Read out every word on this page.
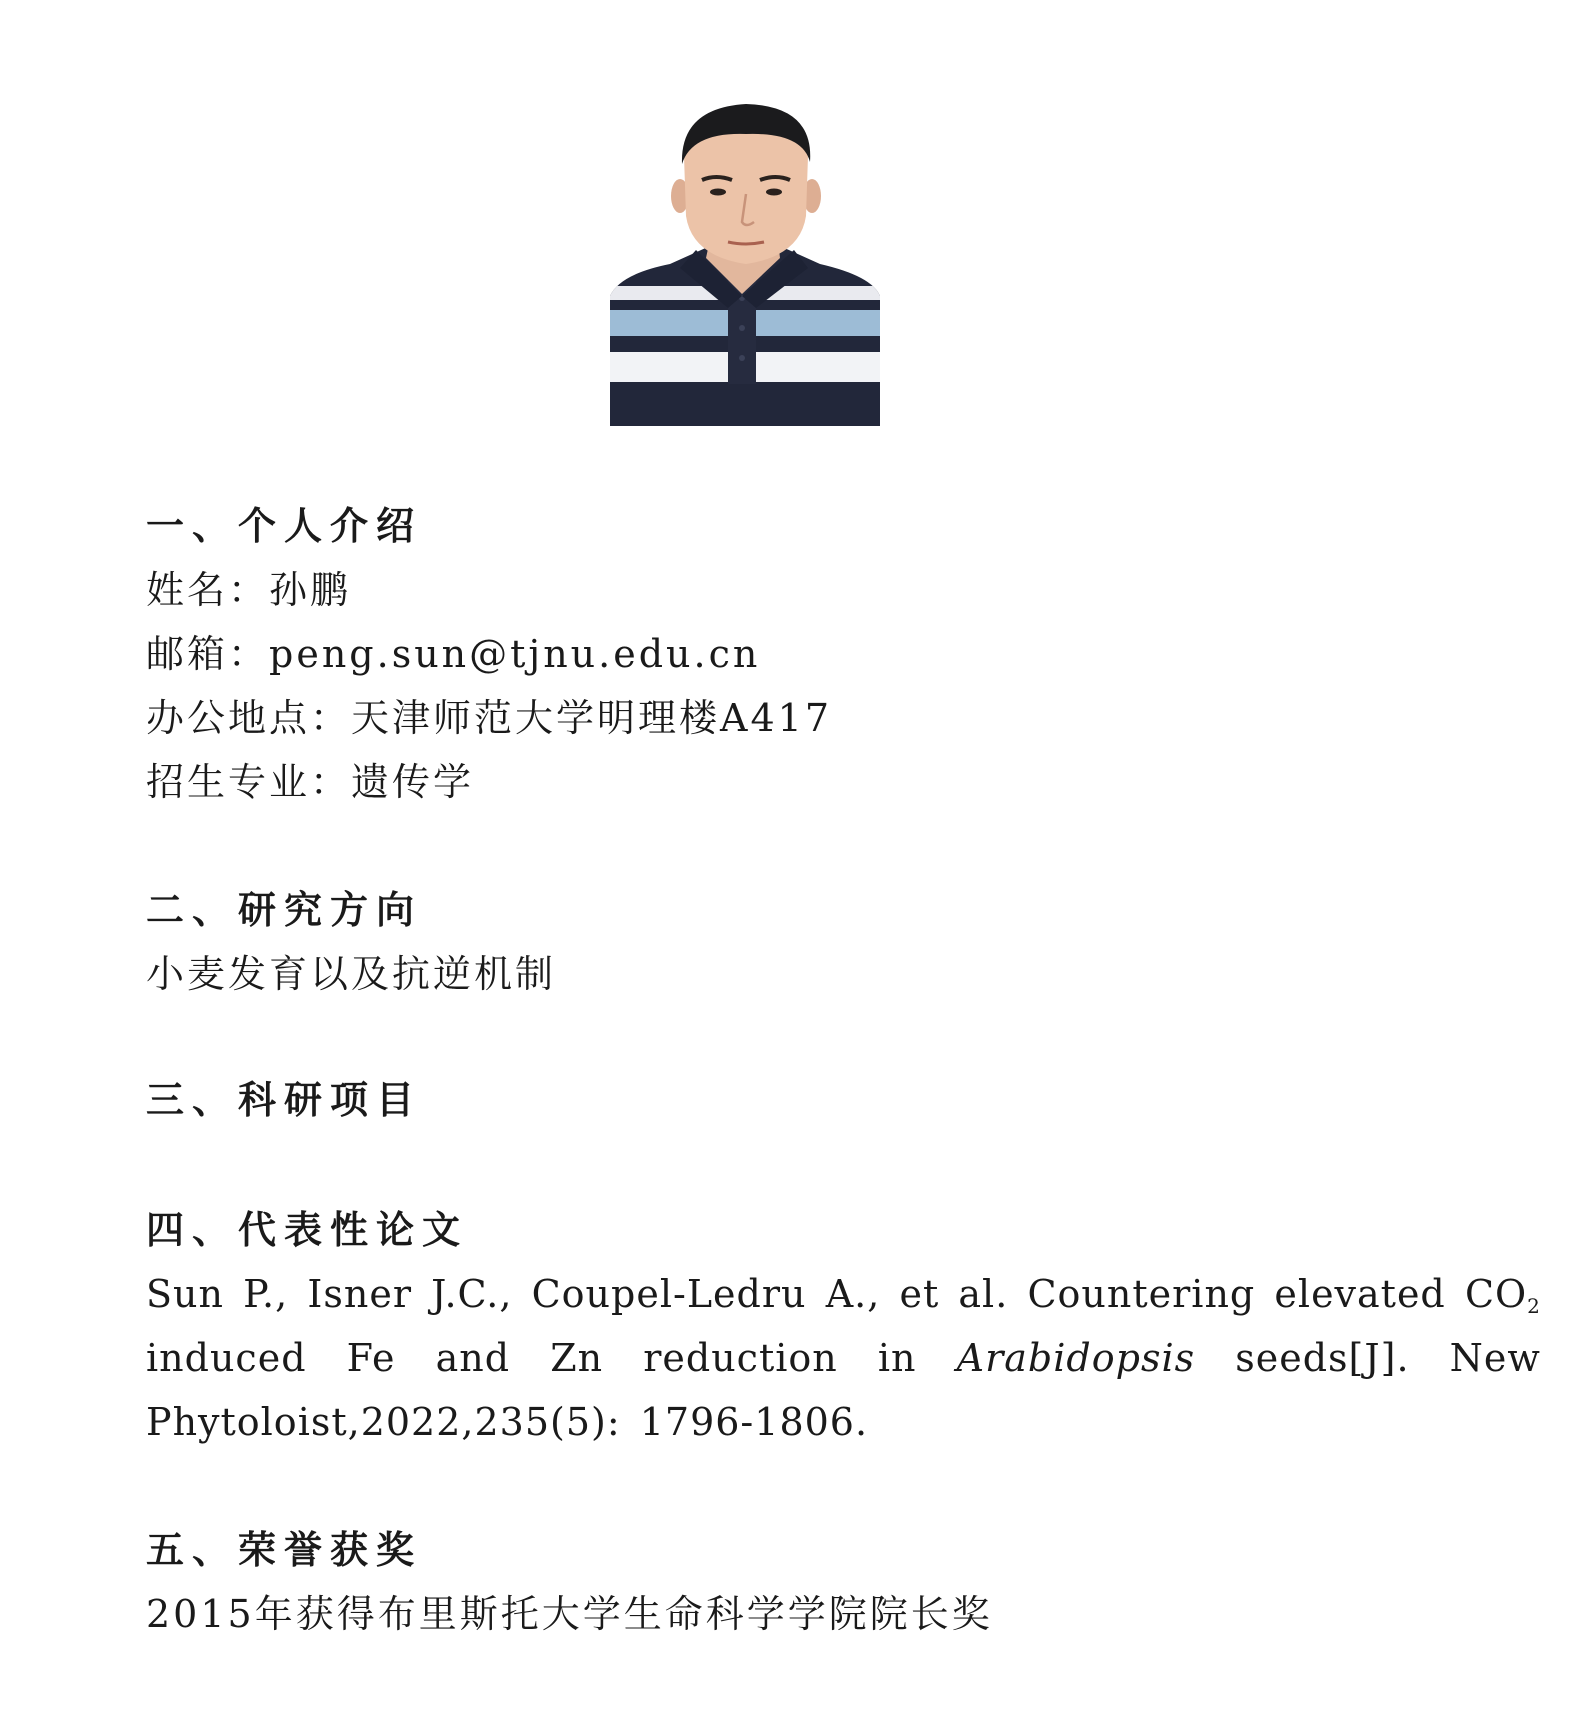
一、个人介绍
姓名：孙鹏
邮箱：peng.sun@tjnu.edu.cn
办公地点：天津师范大学明理楼A417
招生专业：遗传学
二、研究方向
小麦发育以及抗逆机制
三、科研项目
四、代表性论文
Sun P., Isner J.C., Coupel-Ledru A., et al. Countering elevated $CO_2$
induced Fe and Zn reduction in Arabidopsis seeds[J]. New
Phytoloist,2022,235(5): 1796-1806.
五、荣誉获奖
2015年获得布里斯托大学生命科学学院院长奖
